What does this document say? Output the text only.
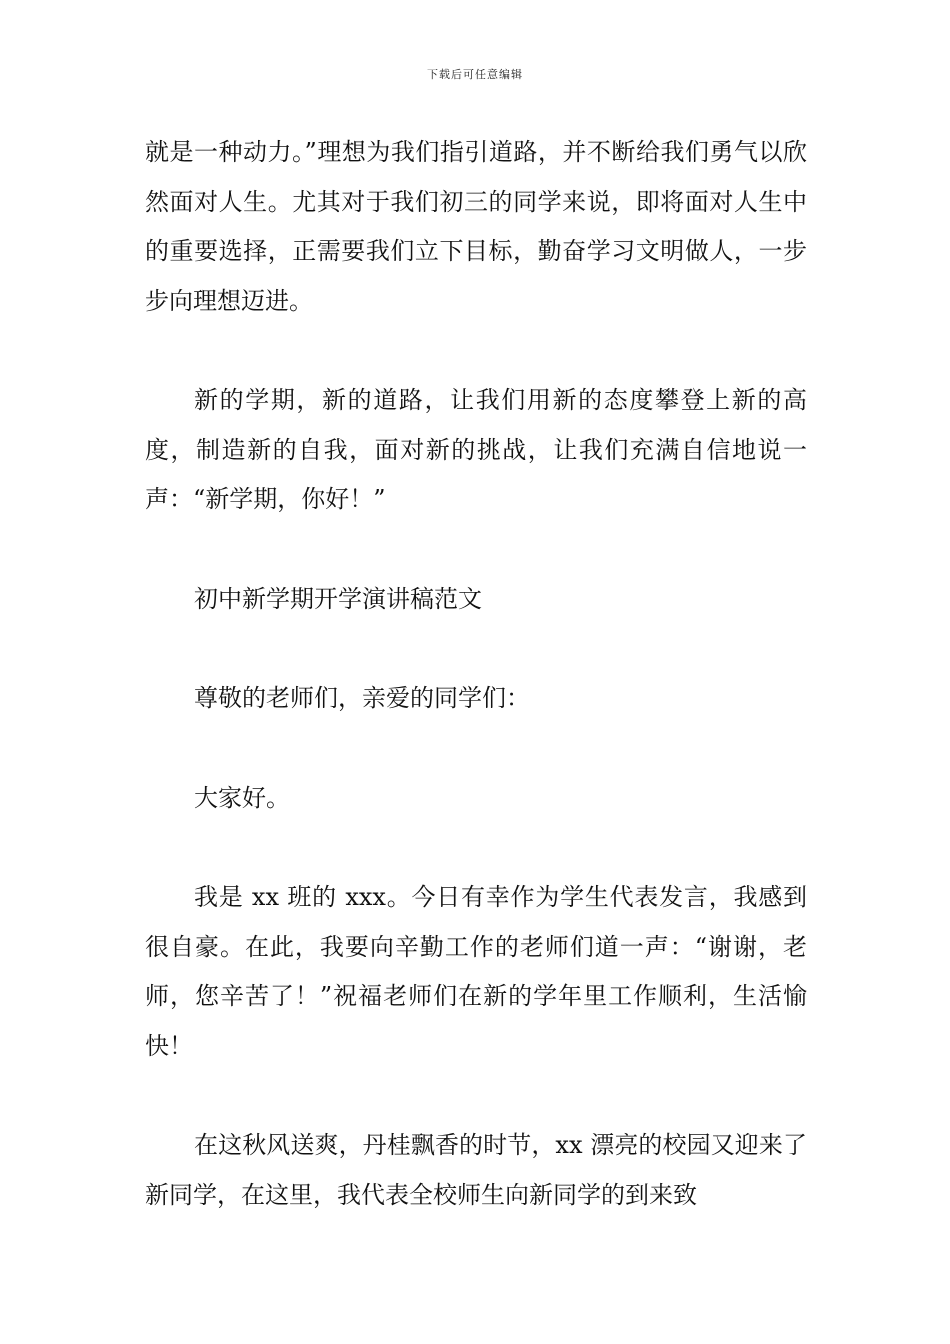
下载后可任意编辑

就是一种动力。”理想为我们指引道路，并不断给我们勇气以欣然面对人生。尤其对于我们初三的同学来说，即将面对人生中的重要选择，正需要我们立下目标，勤奋学习文明做人，一步步向理想迈进。

新的学期，新的道路，让我们用新的态度攀登上新的高度，制造新的自我，面对新的挑战，让我们充满自信地说一声：“新学期，你好！”

初中新学期开学演讲稿范文

尊敬的老师们，亲爱的同学们：

大家好。

我是 xx 班的 xxx。今日有幸作为学生代表发言，我感到很自豪。在此，我要向辛勤工作的老师们道一声：“谢谢，老师，您辛苦了！”祝福老师们在新的学年里工作顺利，生活愉快！

在这秋风送爽，丹桂飘香的时节，xx 漂亮的校园又迎来了新同学，在这里，我代表全校师生向新同学的到来致
